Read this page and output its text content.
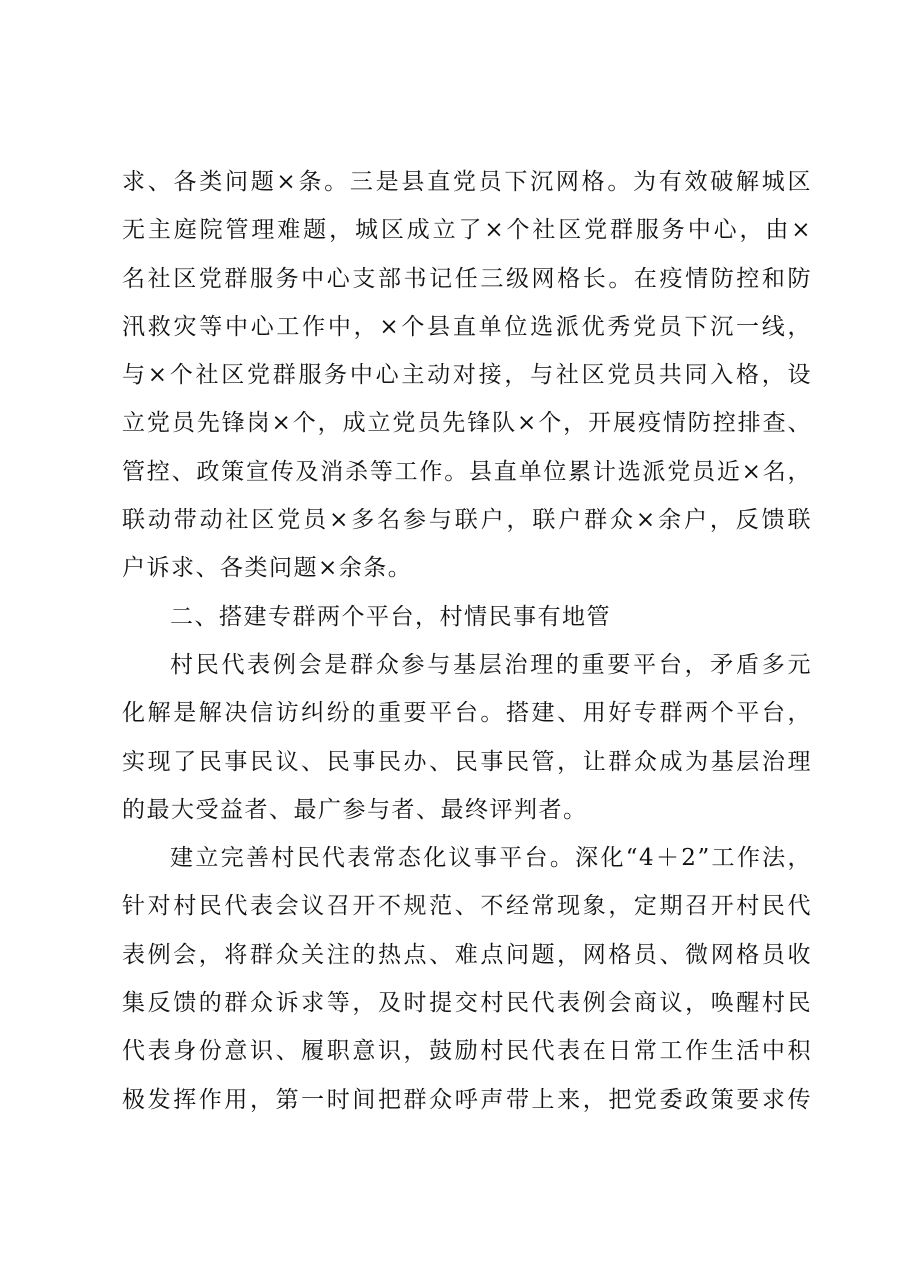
求、各类问题×条。三是县直党员下沉网格。为有效破解城区
无主庭院管理难题，城区成立了×个社区党群服务中心，由×
名社区党群服务中心支部书记任三级网格长。在疫情防控和防
汛救灾等中心工作中，×个县直单位选派优秀党员下沉一线，
与×个社区党群服务中心主动对接，与社区党员共同入格，设
立党员先锋岗×个，成立党员先锋队×个，开展疫情防控排查、
管控、政策宣传及消杀等工作。县直单位累计选派党员近×名，
联动带动社区党员×多名参与联户，联户群众×余户，反馈联
户诉求、各类问题×余条。
二、搭建专群两个平台，村情民事有地管
村民代表例会是群众参与基层治理的重要平台，矛盾多元
化解是解决信访纠纷的重要平台。搭建、用好专群两个平台，
实现了民事民议、民事民办、民事民管，让群众成为基层治理
的最大受益者、最广参与者、最终评判者。
建立完善村民代表常态化议事平台。深化“4＋2”工作法，
针对村民代表会议召开不规范、不经常现象，定期召开村民代
表例会，将群众关注的热点、难点问题，网格员、微网格员收
集反馈的群众诉求等，及时提交村民代表例会商议，唤醒村民
代表身份意识、履职意识，鼓励村民代表在日常工作生活中积
极发挥作用，第一时间把群众呼声带上来，把党委政策要求传
